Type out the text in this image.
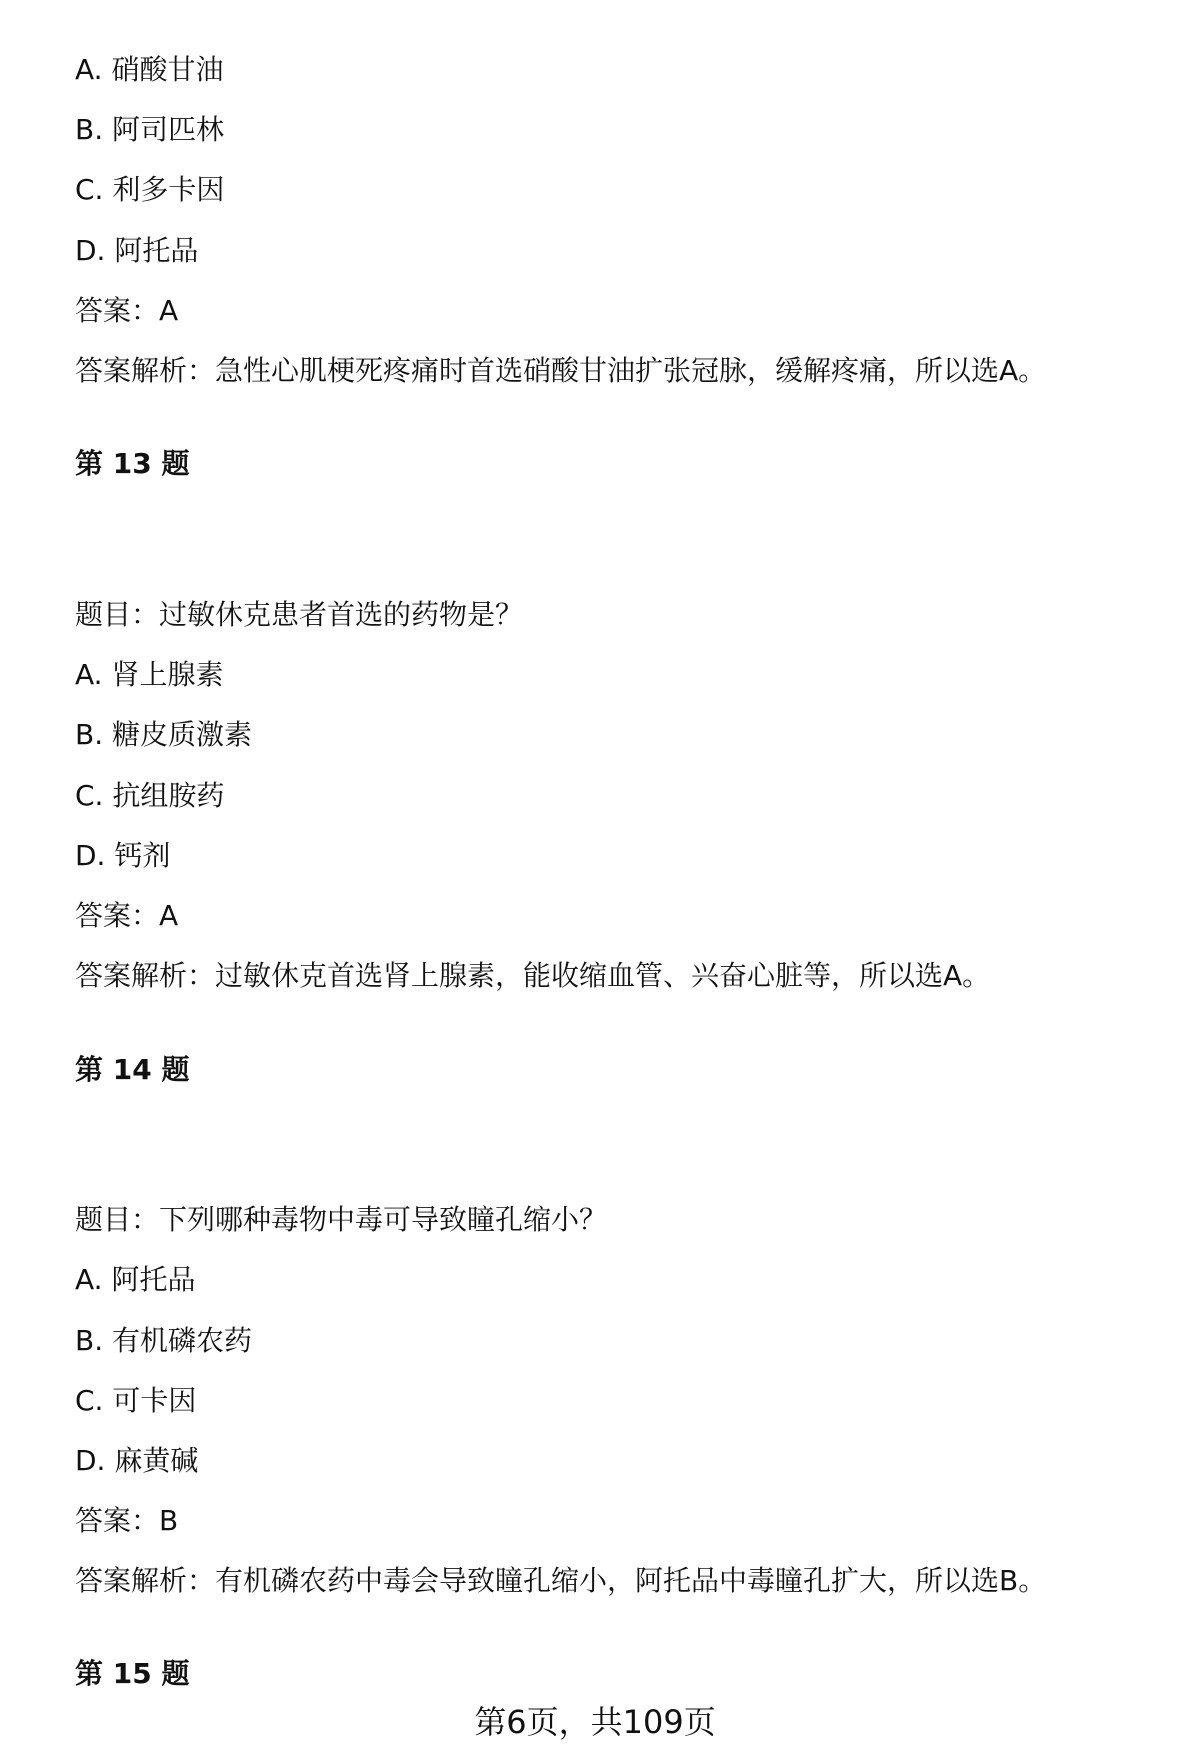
A. 硝酸甘油

B. 阿司匹林

C. 利多卡因

D. 阿托品

答案：A

答案解析：急性心肌梗死疼痛时首选硝酸甘油扩张冠脉，缓解疼痛，所以选A。

第 13 题

题目：过敏休克患者首选的药物是？

A. 肾上腺素

B. 糖皮质激素

C. 抗组胺药

D. 钙剂

答案：A

答案解析：过敏休克首选肾上腺素，能收缩血管、兴奋心脏等，所以选A。

第 14 题

题目：下列哪种毒物中毒可导致瞳孔缩小？

A. 阿托品

B. 有机磷农药

C. 可卡因

D. 麻黄碱

答案：B

答案解析：有机磷农药中毒会导致瞳孔缩小，阿托品中毒瞳孔扩大，所以选B。

第 15 题

第6页，共109页
